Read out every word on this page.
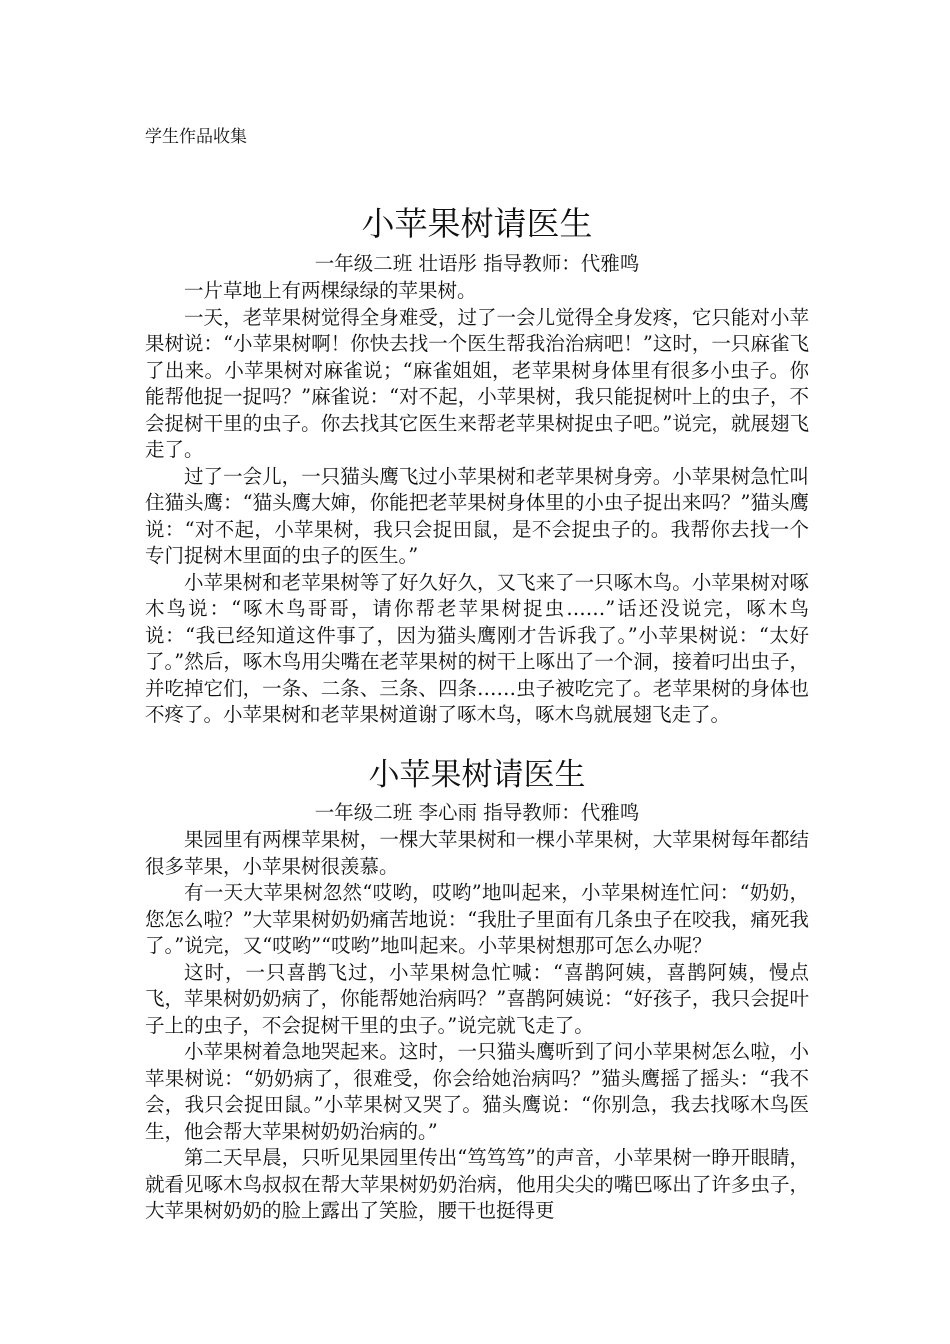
学生作品收集
小苹果树请医生

一年级二班 壮语彤 指导教师：代雅鸣

一片草地上有两棵绿绿的苹果树。

一天，老苹果树觉得全身难受，过了一会儿觉得全身发疼，它只能对小苹果树说：“小苹果树啊！你快去找一个医生帮我治治病吧！”这时，一只麻雀飞了出来。小苹果树对麻雀说；“麻雀姐姐，老苹果树身体里有很多小虫子。你能帮他捉一捉吗？”麻雀说：“对不起，小苹果树，我只能捉树叶上的虫子，不会捉树干里的虫子。你去找其它医生来帮老苹果树捉虫子吧。”说完，就展翅飞走了。

过了一会儿，一只猫头鹰飞过小苹果树和老苹果树身旁。小苹果树急忙叫住猫头鹰：“猫头鹰大婶，你能把老苹果树身体里的小虫子捉出来吗？”猫头鹰说：“对不起，小苹果树，我只会捉田鼠，是不会捉虫子的。我帮你去找一个专门捉树木里面的虫子的医生。”

小苹果树和老苹果树等了好久好久，又飞来了一只啄木鸟。小苹果树对啄木鸟说：“啄木鸟哥哥，请你帮老苹果树捉虫……”话还没说完，啄木鸟说：“我已经知道这件事了，因为猫头鹰刚才告诉我了。”小苹果树说：“太好了。”然后，啄木鸟用尖嘴在老苹果树的树干上啄出了一个洞，接着叼出虫子，并吃掉它们，一条、二条、三条、四条……虫子被吃完了。老苹果树的身体也不疼了。小苹果树和老苹果树道谢了啄木鸟，啄木鸟就展翅飞走了。

小苹果树请医生

一年级二班 李心雨 指导教师：代雅鸣

果园里有两棵苹果树，一棵大苹果树和一棵小苹果树，大苹果树每年都结很多苹果，小苹果树很羡慕。

有一天大苹果树忽然“哎哟，哎哟”地叫起来，小苹果树连忙问：“奶奶，您怎么啦？”大苹果树奶奶痛苦地说：“我肚子里面有几条虫子在咬我，痛死我了。”说完，又“哎哟”“哎哟”地叫起来。小苹果树想那可怎么办呢？

这时，一只喜鹊飞过，小苹果树急忙喊：“喜鹊阿姨，喜鹊阿姨，慢点飞，苹果树奶奶病了，你能帮她治病吗？”喜鹊阿姨说：“好孩子，我只会捉叶子上的虫子，不会捉树干里的虫子。”说完就飞走了。

小苹果树着急地哭起来。这时，一只猫头鹰听到了问小苹果树怎么啦，小苹果树说：“奶奶病了，很难受，你会给她治病吗？”猫头鹰摇了摇头：“我不会，我只会捉田鼠。”小苹果树又哭了。猫头鹰说：“你别急，我去找啄木鸟医生，他会帮大苹果树奶奶治病的。”

第二天早晨，只听见果园里传出“笃笃笃”的声音，小苹果树一睁开眼睛，就看见啄木鸟叔叔在帮大苹果树奶奶治病，他用尖尖的嘴巴啄出了许多虫子，大苹果树奶奶的脸上露出了笑脸，腰干也挺得更
